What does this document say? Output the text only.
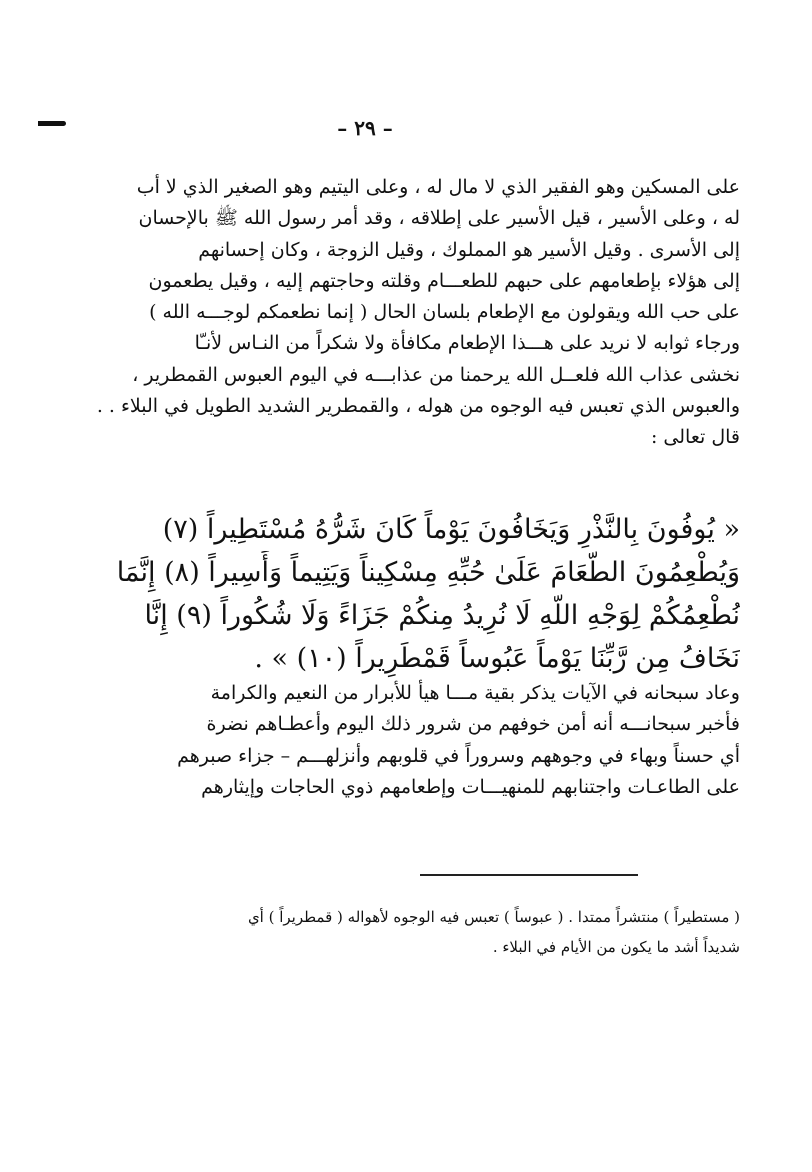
– ٢٩ –
على المسكين وهو الفقير الذي لا مال له ، وعلى اليتيم وهو الصغير الذي لا أب
له ، وعلى الأسير ، قيل الأسير على إطلاقه ، وقد أمر رسول الله ﷺ بالإحسان
إلى الأسرى . وقيل الأسير هو المملوك ، وقيل الزوجة ، وكان إحسانهم
إلى هؤلاء بإطعامهم على حبهم للطعـــام وقلته وحاجتهم إليه ، وقيل يطعمون
على حب الله ويقولون مع الإطعام بلسان الحال ( إنما نطعمكم لوجـــه الله )
ورجاء ثوابه لا نريد على هـــذا الإطعام مكافأة ولا شكراً من النـاس لأنـّا
نخشى عذاب الله فلعــل الله يرحمنا من عذابـــه في اليوم العبوس القمطرير ،
والعبوس الذي تعبس فيه الوجوه من هوله ، والقمطرير الشديد الطويل في البلاء . .
قال تعالى :
« يُوفُونَ بِالنَّذْرِ وَيَخَافُونَ يَوْماً كَانَ شَرُّهُ مُسْتَطِيراً (٧)
وَيُطْعِمُونَ الطَّعَامَ عَلَىٰ حُبِّهِ مِسْكِيناً وَيَتِيماً وَأَسِيراً (٨) إِنَّمَا
نُطْعِمُكُمْ لِوَجْهِ اللَّهِ لَا نُرِيدُ مِنكُمْ جَزَاءً وَلَا شُكُوراً (٩) إِنَّا
نَخَافُ مِن رَّبِّنَا يَوْماً عَبُوساً قَمْطَرِيراً (١٠) » .
وعاد سبحانه في الآيات يذكر بقية مـــا هيأ للأبرار من النعيم والكرامة
فأخبر سبحانـــه أنه أمن خوفهم من شرور ذلك اليوم وأعطـاهم نضرة
أي حسناً وبهاء في وجوههم وسروراً في قلوبهم وأنزلهـــم – جزاء صبرهم
على الطاعـات واجتنابهم للمنهيـــات وإطعامهم ذوي الحاجات وإيثارهم
( مستطيراً ) منتشراً ممتدا . ( عبوساً ) تعبس فيه الوجوه لأهواله ( قمطريراً ) أي
شديداً أشد ما يكون من الأيام في البلاء .
